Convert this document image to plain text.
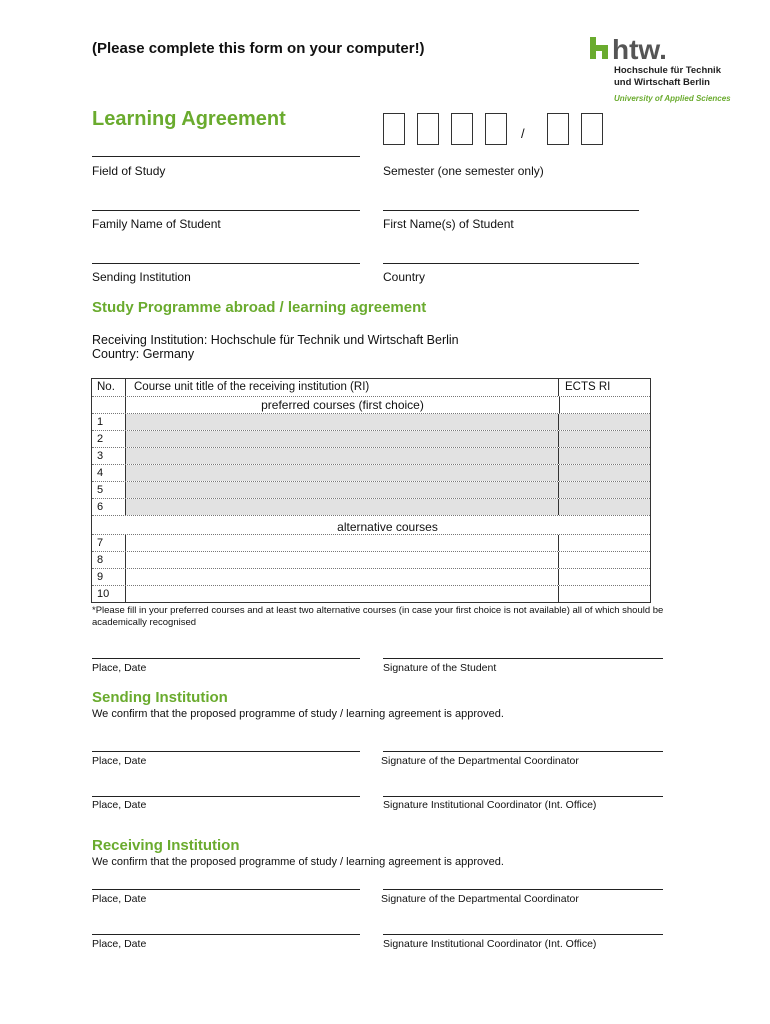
(Please complete this form on your computer!)	htw.
Hochschule für Technik
und Wirtschaft Berlin
University of Applied Sciences
Learning Agreement
/
Field of Study	Semester (one semester only)
Family Name of Student	First Name(s) of Student
Sending Institution	Country
Study Programme abroad / learning agreement
Receiving Institution: Hochschule für Technik und Wirtschaft Berlin
Country: Germany
No.	Course unit title of the receiving institution (RI)	ECTS RI
preferred courses (first choice)
1
2
3
4
5
6
alternative courses
7
8
9
10
*Please fill in your preferred courses and at least two alternative courses (in case your first choice is not available) all of which should be academically recognised
Place, Date	Signature of the Student
Sending Institution
We confirm that the proposed programme of study / learning agreement is approved.
Place, Date	Signature of the Departmental Coordinator
Place, Date	Signature Institutional Coordinator (Int. Office)
Receiving Institution
We confirm that the proposed programme of study / learning agreement is approved.
Place, Date	Signature of the Departmental Coordinator
Place, Date	Signature Institutional Coordinator (Int. Office)
